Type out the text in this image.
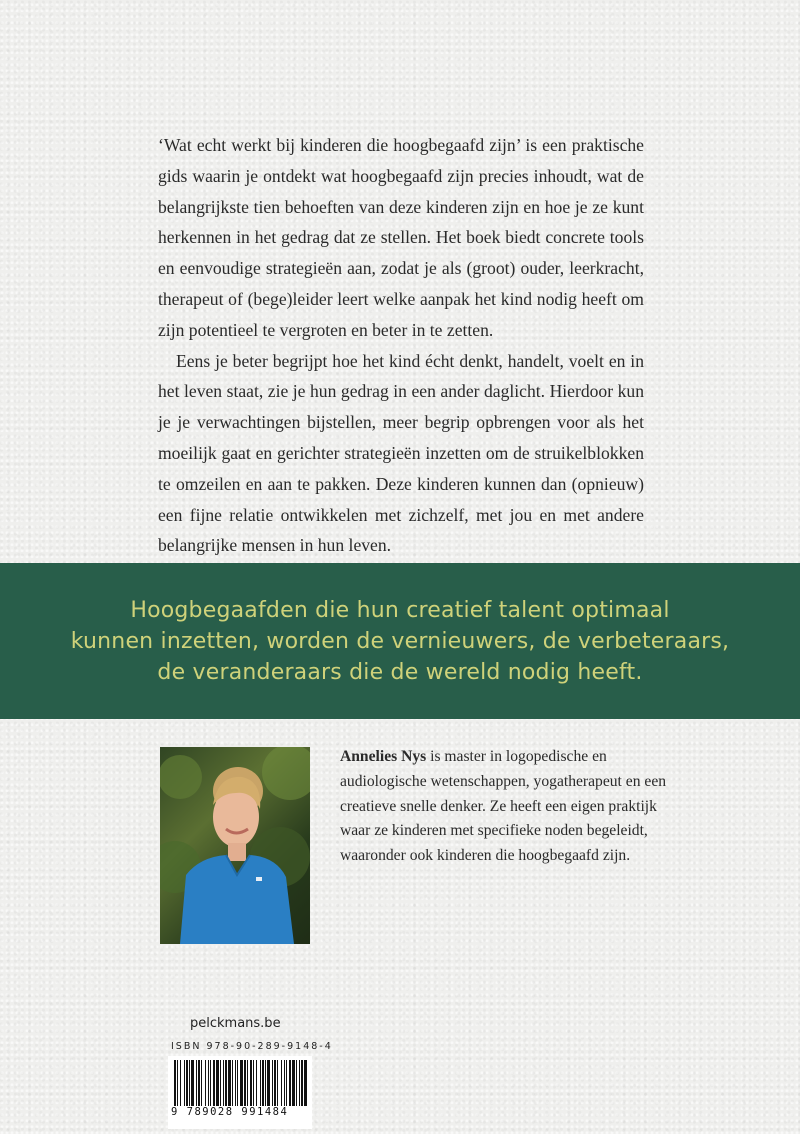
‘Wat echt werkt bij kinderen die hoogbegaafd zijn’ is een praktische gids waarin je ontdekt wat hoogbegaafd zijn precies inhoudt, wat de belangrijkste tien behoeften van deze kinderen zijn en hoe je ze kunt herkennen in het gedrag dat ze stellen. Het boek biedt concrete tools en eenvoudige strategieën aan, zodat je als (groot) ouder, leerkracht, therapeut of (bege)leider leert welke aanpak het kind nodig heeft om zijn potentieel te vergroten en beter in te zetten.

Eens je beter begrijpt hoe het kind écht denkt, handelt, voelt en in het leven staat, zie je hun gedrag in een ander daglicht. Hierdoor kun je je verwachtingen bijstellen, meer begrip opbrengen voor als het moeilijk gaat en gerichter strategieën inzetten om de struikelblokken te omzeilen en aan te pakken. Deze kinderen kunnen dan (opnieuw) een fijne relatie ontwikkelen met zichzelf, met jou en met andere belangrijke mensen in hun leven.

Hoogbegaafden die hun creatief talent optimaal
kunnen inzetten, worden de vernieuwers, de verbeteraars,
de veranderaars die de wereld nodig heeft.

Annelies Nys is master in logopedische en audiologische wetenschappen, yogatherapeut en een creatieve snelle denker. Ze heeft een eigen praktijk waar ze kinderen met specifieke noden begeleidt, waaronder ook kinderen die hoogbegaafd zijn.

pelckmans.be
ISBN 978-90-289-9148-4
9 789028 991484
